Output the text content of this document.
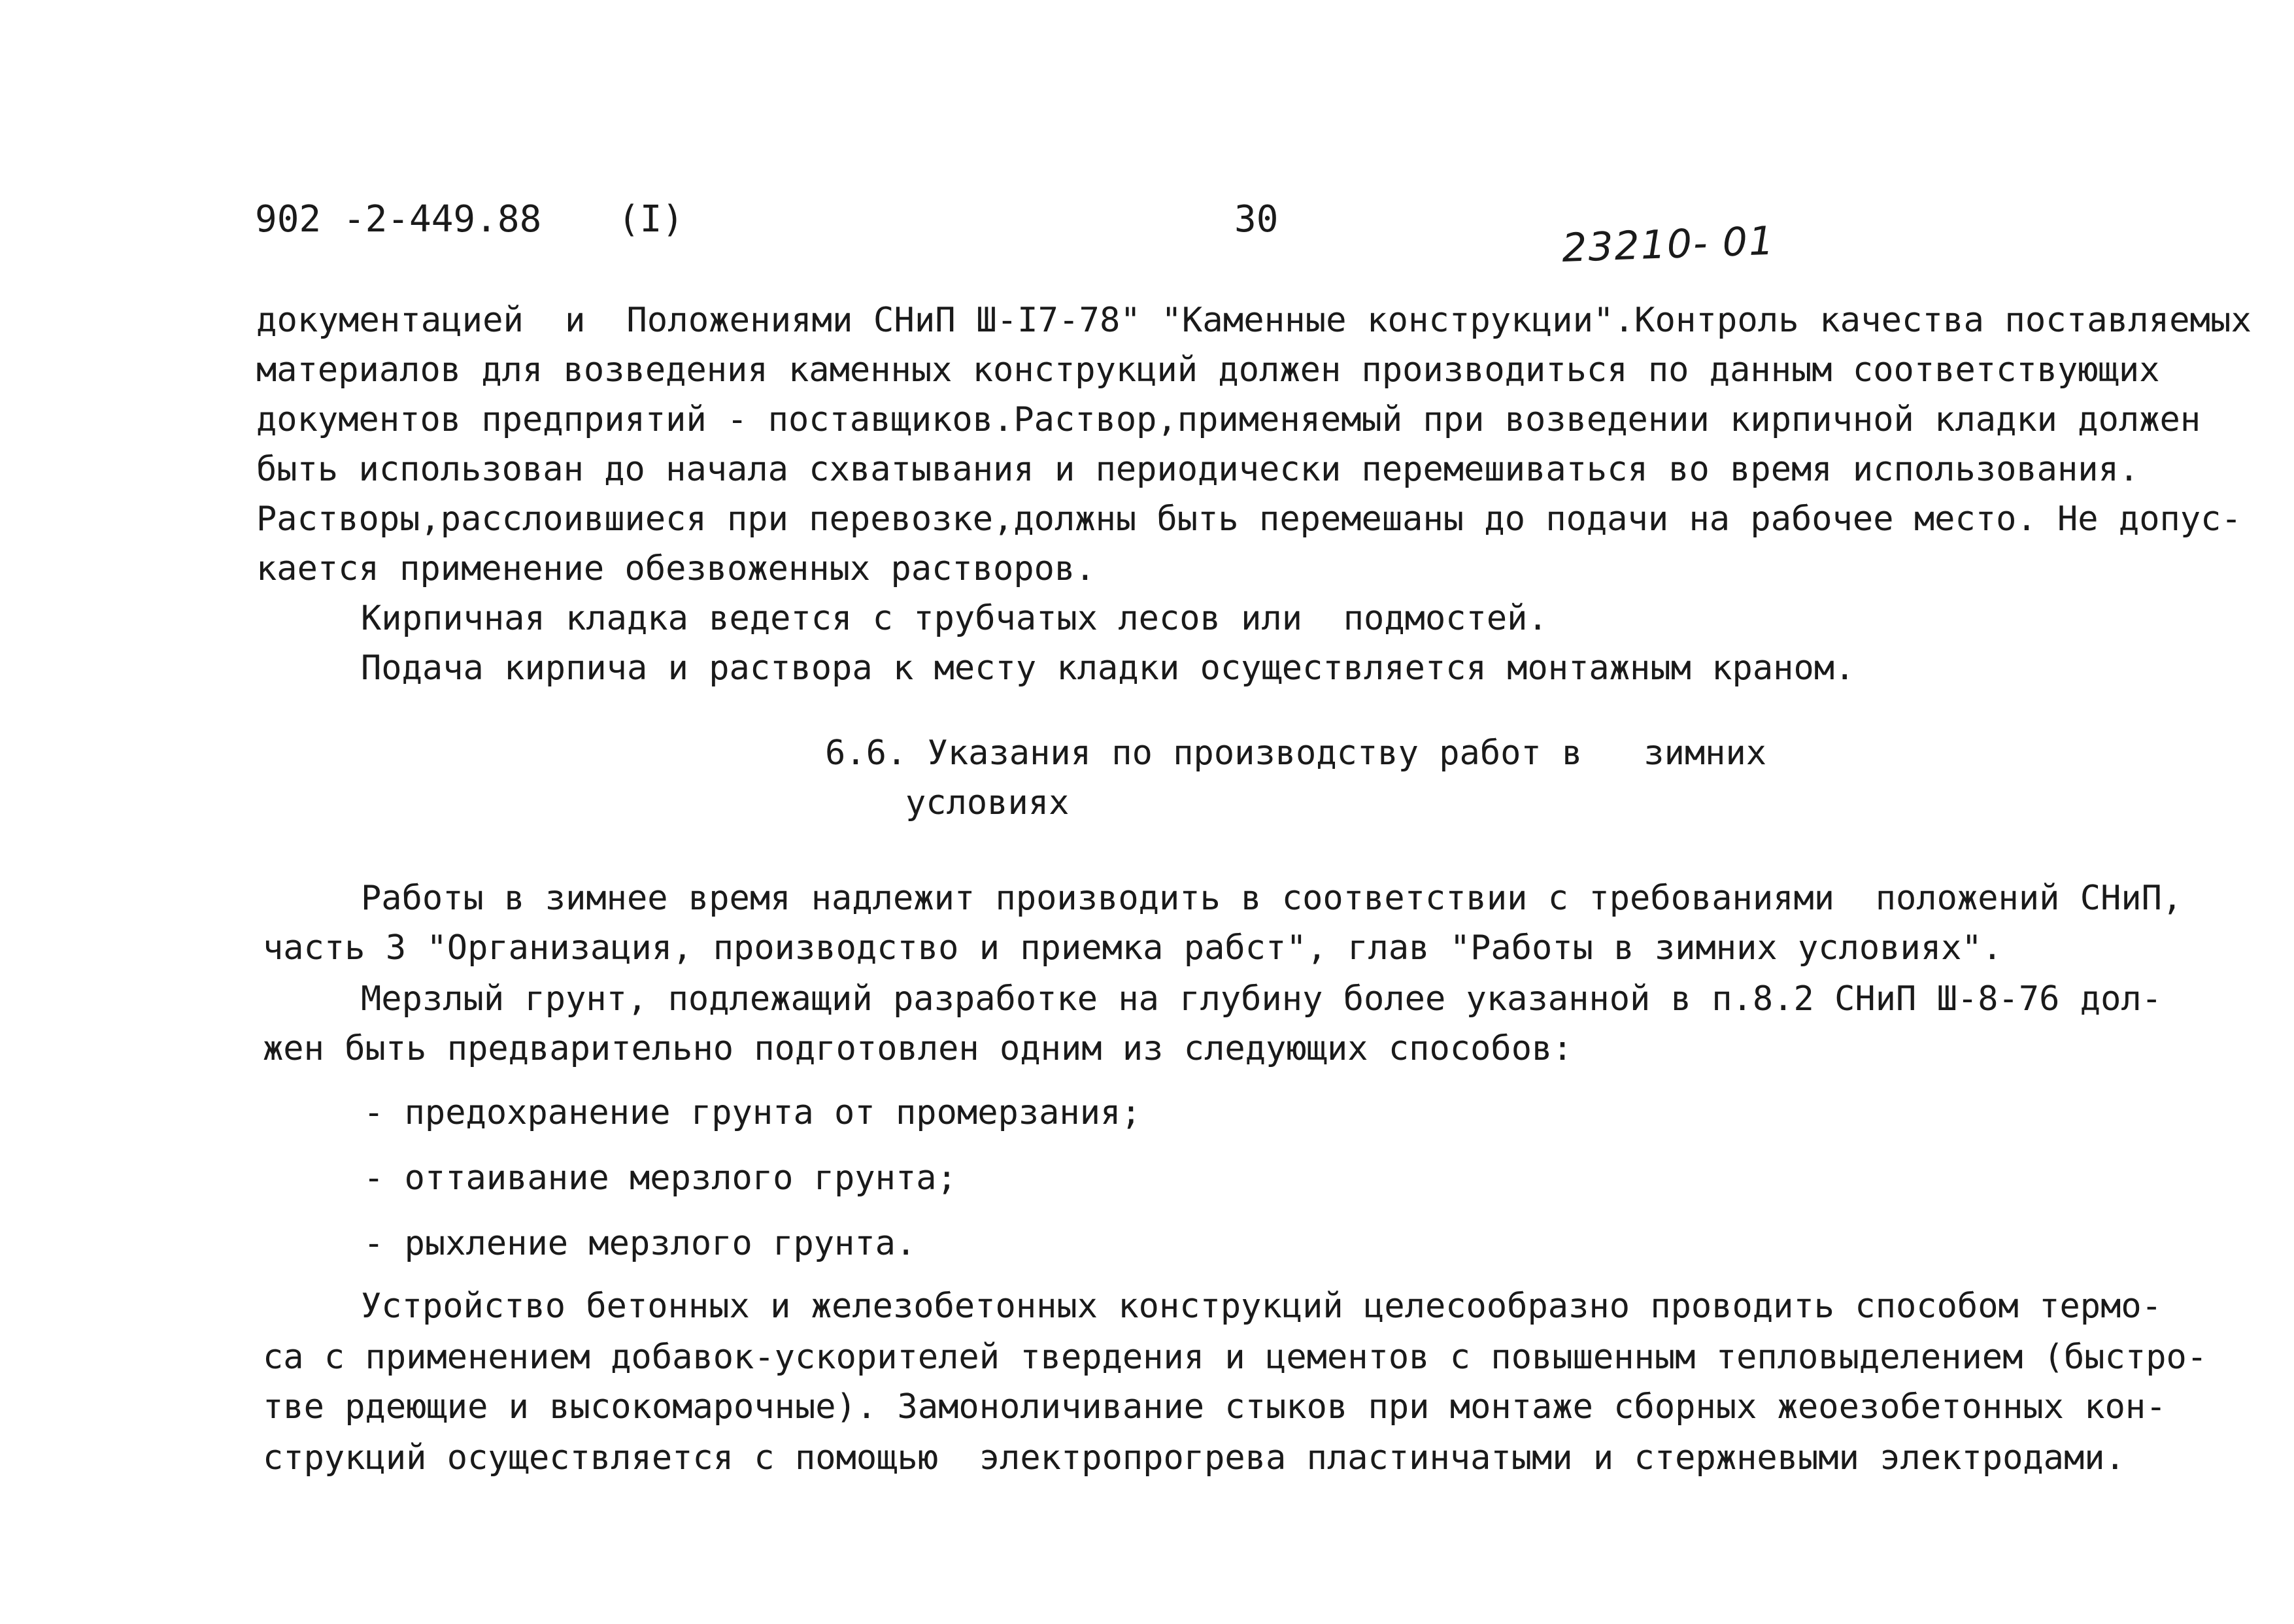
902 -2-449.88 (I)	30	23210- 01
документацией  и  Положениями СНиП Ш-I7-78" "Каменные конструкции".Контроль качества поставляемых
материалов для возведения каменных конструкций должен производиться по данным соответствующих
документов предприятий - поставщиков.Раствор,применяемый при возведении кирпичной кладки должен
быть использован до начала схватывания и периодически перемешиваться во время использования.
Растворы,расслоившиеся при перевозке,должны быть перемешаны до подачи на рабочее место. Не допус-
кается применение обезвоженных растворов.
Кирпичная кладка ведется с трубчатых лесов или  подмостей.
Подача кирпича и раствора к месту кладки осуществляется монтажным краном.
6.6. Указания по производству работ в   зимних
условиях
Работы в зимнее время надлежит производить в соответствии с требованиями  положений СНиП,
часть 3 "Организация, производство и приемка рабст", глав "Работы в зимних условиях".
Мерзлый грунт, подлежащий разработке на глубину более указанной в п.8.2 СНиП Ш-8-76 дол-
жен быть предварительно подготовлен одним из следующих способов:
- предохранение грунта от промерзания;
- оттаивание мерзлого грунта;
- рыхление мерзлого грунта.
Устройство бетонных и железобетонных конструкций целесообразно проводить способом термо-
са с применением добавок-ускорителей твердения и цементов с повышенным тепловыделением (быстро-
тве рдеющие и высокомарочные). Замоноличивание стыков при монтаже сборных жеоезобетонных кон-
струкций осуществляется с помощью  электропрогрева пластинчатыми и стержневыми электродами.
